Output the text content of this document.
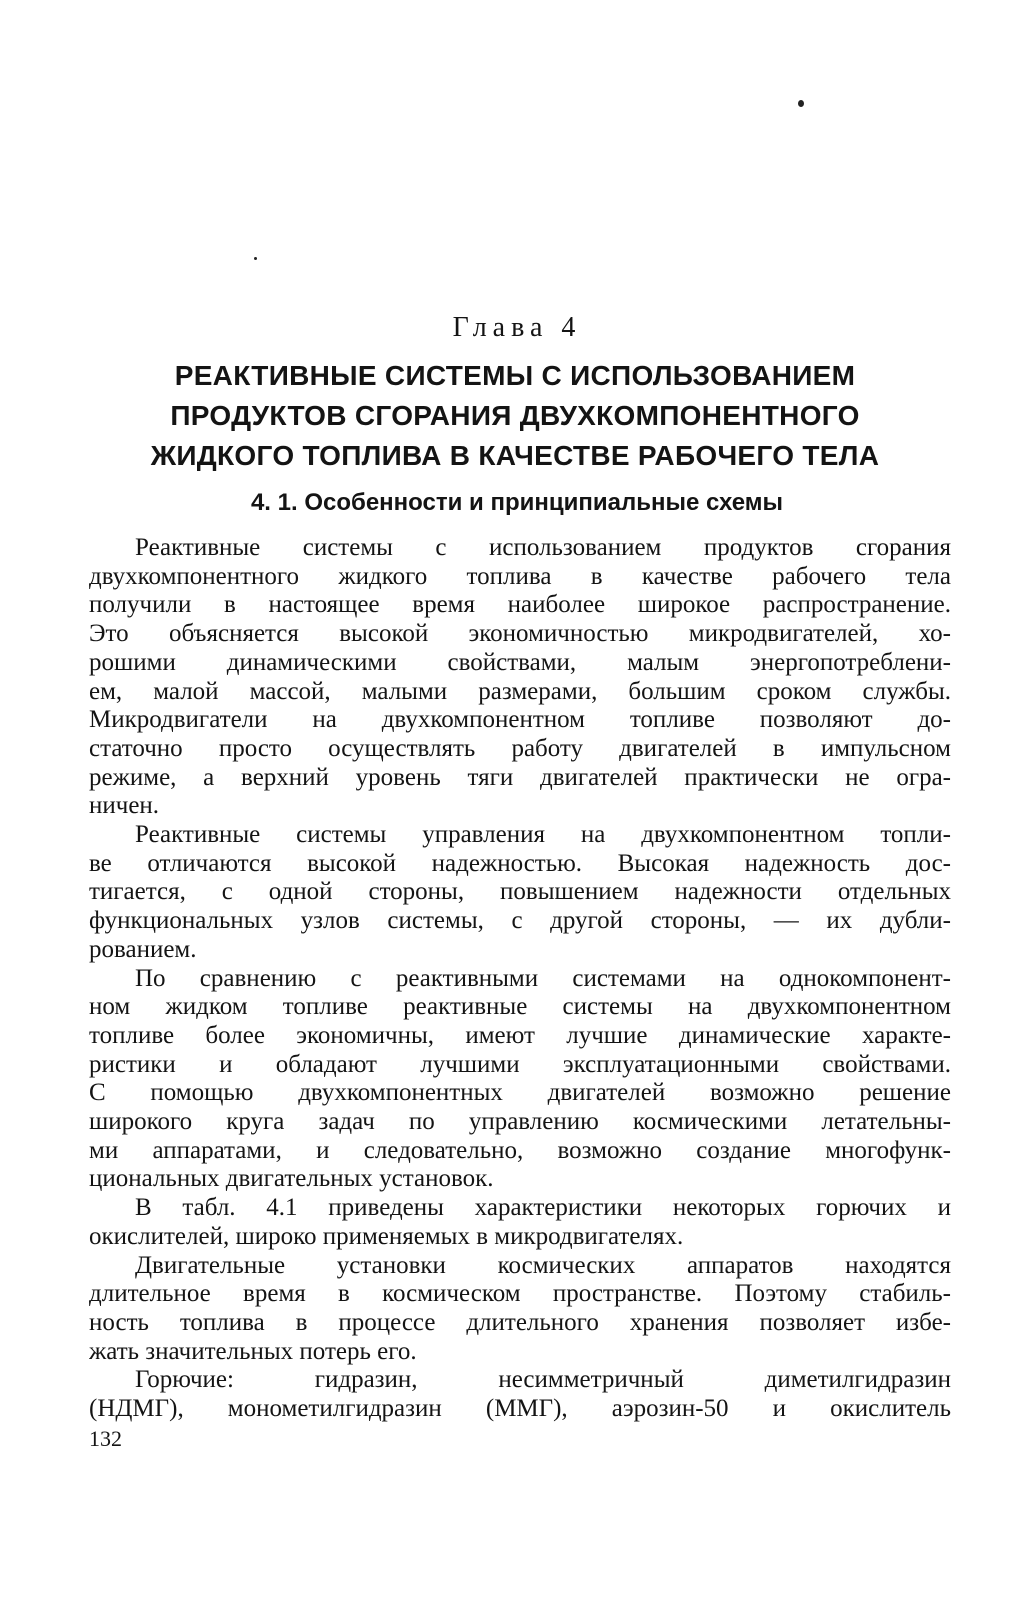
Глава 4
РЕАКТИВНЫЕ СИСТЕМЫ С ИСПОЛЬЗОВАНИЕМ
ПРОДУКТОВ СГОРАНИЯ ДВУХКОМПОНЕНТНОГО
ЖИДКОГО ТОПЛИВА В КАЧЕСТВЕ РАБОЧЕГО ТЕЛА
4. 1. Особенности и принципиальные схемы
Реактивные системы с использованием продуктов сгорания
двухкомпонентного жидкого топлива в качестве рабочего тела
получили в настоящее время наиболее широкое распространение.
Это объясняется высокой экономичностью микродвигателей, хо-
рошими динамическими свойствами, малым энергопотреблени-
ем, малой массой, малыми размерами, большим сроком службы.
Микродвигатели на двухкомпонентном топливе позволяют до-
статочно просто осуществлять работу двигателей в импульсном
режиме, а верхний уровень тяги двигателей практически не огра-
ничен.
Реактивные системы управления на двухкомпонентном топли-
ве отличаются высокой надежностью. Высокая надежность дос-
тигается, с одной стороны, повышением надежности отдельных
функциональных узлов системы, с другой стороны, — их дубли-
рованием.
По сравнению с реактивными системами на однокомпонент-
ном жидком топливе реактивные системы на двухкомпонентном
топливе более экономичны, имеют лучшие динамические характе-
ристики и обладают лучшими эксплуатационными свойствами.
С помощью двухкомпонентных двигателей возможно решение
широкого круга задач по управлению космическими летательны-
ми аппаратами, и следовательно, возможно создание многофунк-
циональных двигательных установок.
В табл. 4.1 приведены характеристики некоторых горючих и
окислителей, широко применяемых в микродвигателях.
Двигательные установки космических аппаратов находятся
длительное время в космическом пространстве. Поэтому стабиль-
ность топлива в процессе длительного хранения позволяет избе-
жать значительных потерь его.
Горючие: гидразин, несимметричный диметилгидразин
(НДМГ), монометилгидразин (ММГ), аэрозин-50 и окислитель
132
